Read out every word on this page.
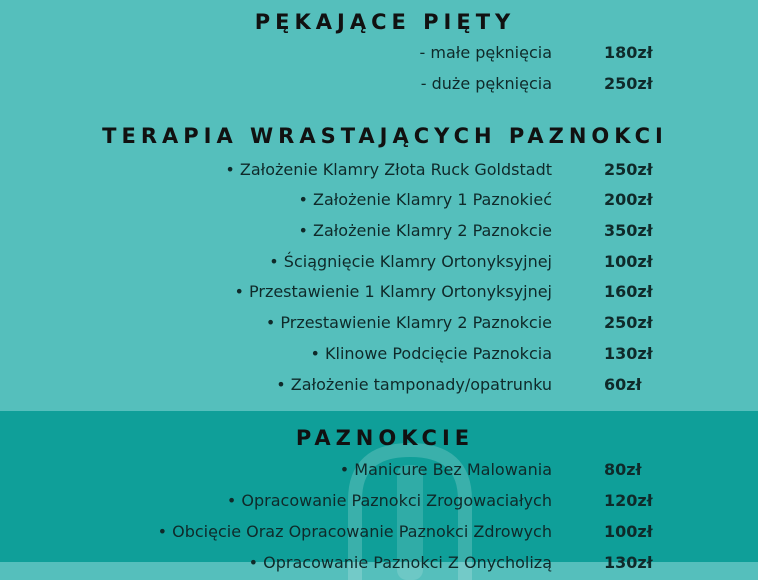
PĘKAJĄCE PIĘTY
- małe pęknięcia	180zł
- duże pęknięcia	250zł
TERAPIA WRASTAJĄCYCH PAZNOKCI
• Założenie Klamry Złota Ruck Goldstadt	250zł
• Założenie Klamry 1 Paznokieć	200zł
• Założenie Klamry 2 Paznokcie	350zł
• Ściągnięcie Klamry Ortonyksyjnej	100zł
• Przestawienie 1 Klamry Ortonyksyjnej	160zł
• Przestawienie Klamry 2 Paznokcie	250zł
• Klinowe Podcięcie Paznokcia	130zł
• Założenie tamponady/opatrunku	60zł
PAZNOKCIE
• Manicure Bez Malowania	80zł
• Opracowanie Paznokci Zrogowaciałych	120zł
• Obcięcie Oraz Opracowanie Paznokci Zdrowych	100zł
• Opracowanie Paznokci Z Onycholizą	130zł
